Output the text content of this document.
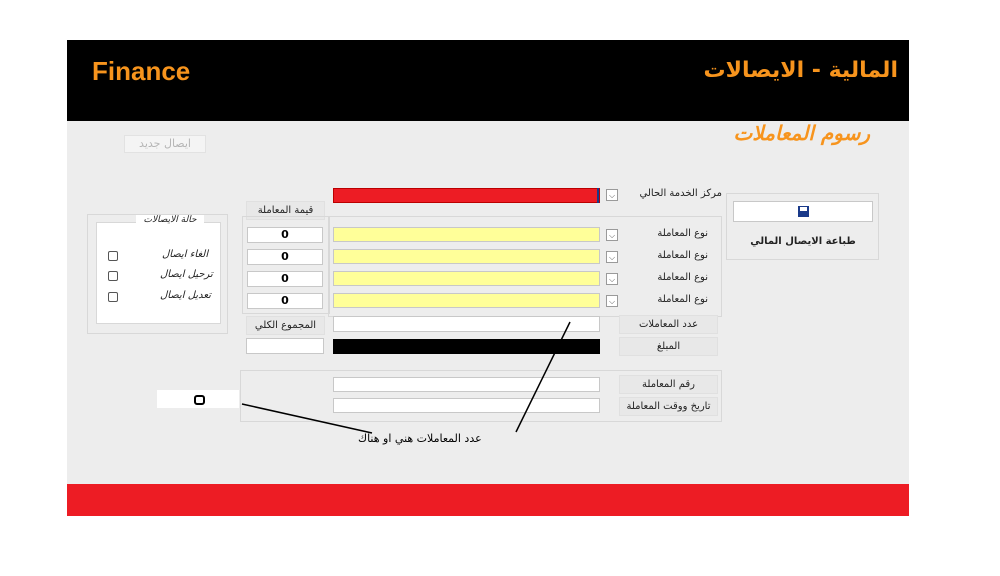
Finance	المالية - الايصالات
رسوم المعاملات
ايصال جديد
طباعة الايصال المالي
مركز الخدمة الحالي
⌵
قيمة المعاملة
نوع المعاملة
⌵
0
نوع المعاملة
⌵
0
نوع المعاملة
⌵
0
نوع المعاملة
⌵
0
عدد المعاملات
المجموع الكلي
المبلغ
رقم المعاملة
تاريخ ووقت المعاملة
حالة الايصالات
الغاء ايصال
ترحيل ايصال
تعديل ايصال
عدد المعاملات هني او هناك
